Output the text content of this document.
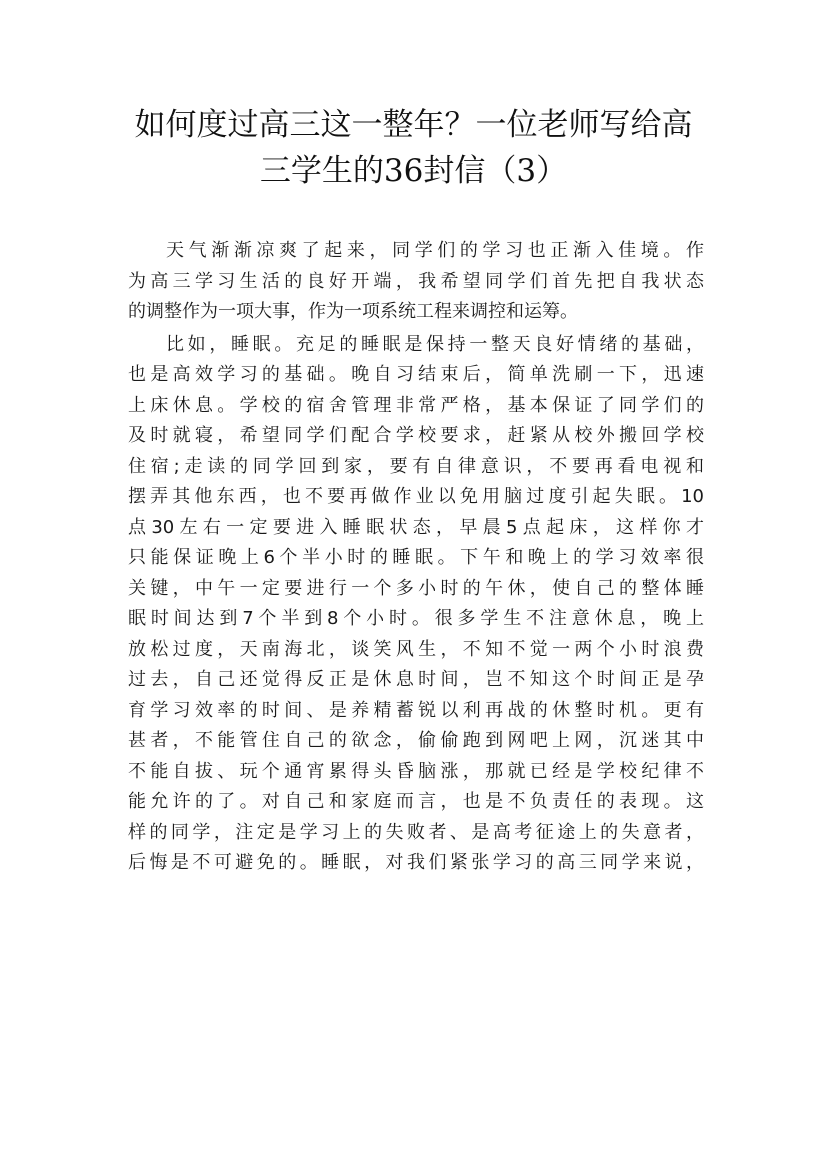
如何度过高三这一整年？一位老师写给高
三学生的36封信（3）
天气渐渐凉爽了起来，同学们的学习也正渐入佳境。作
为高三学习生活的良好开端，我希望同学们首先把自我状态
的调整作为一项大事，作为一项系统工程来调控和运筹。
比如，睡眠。充足的睡眠是保持一整天良好情绪的基础，
也是高效学习的基础。晚自习结束后，简单洗刷一下，迅速
上床休息。学校的宿舍管理非常严格，基本保证了同学们的
及时就寝，希望同学们配合学校要求，赶紧从校外搬回学校
住宿;走读的同学回到家，要有自律意识，不要再看电视和
摆弄其他东西，也不要再做作业以免用脑过度引起失眠。10
点30左右一定要进入睡眠状态，早晨5点起床，这样你才
只能保证晚上6个半小时的睡眠。下午和晚上的学习效率很
关键，中午一定要进行一个多小时的午休，使自己的整体睡
眠时间达到7个半到8个小时。很多学生不注意休息，晚上
放松过度，天南海北，谈笑风生，不知不觉一两个小时浪费
过去，自己还觉得反正是休息时间，岂不知这个时间正是孕
育学习效率的时间、是养精蓄锐以利再战的休整时机。更有
甚者，不能管住自己的欲念，偷偷跑到网吧上网，沉迷其中
不能自拔、玩个通宵累得头昏脑涨，那就已经是学校纪律不
能允许的了。对自己和家庭而言，也是不负责任的表现。这
样的同学，注定是学习上的失败者、是高考征途上的失意者，
后悔是不可避免的。睡眠，对我们紧张学习的高三同学来说，
